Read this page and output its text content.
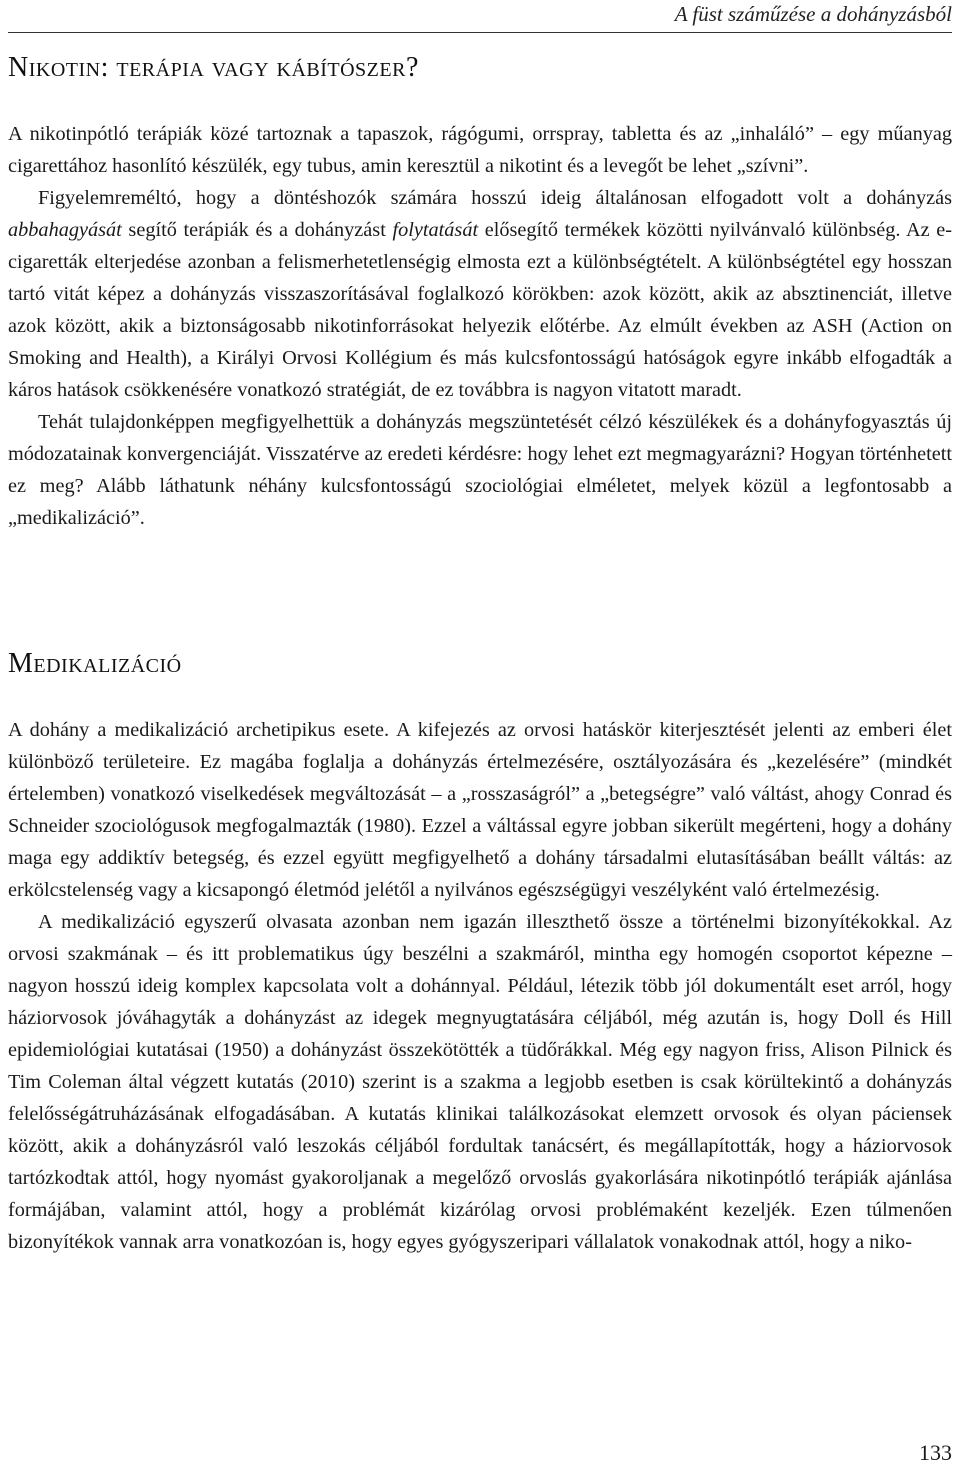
A füst száműzése a dohányzásból
Nikotin: terápia vagy kábítószer?

A nikotinpótló terápiák közé tartoznak a tapaszok, rágógumi, orrspray, tabletta és az „inhaláló” – egy műanyag cigarettához hasonlító készülék, egy tubus, amin keresztül a nikotint és a levegőt be lehet „szívni”.

Figyelemreméltó, hogy a döntéshozók számára hosszú ideig általánosan elfogadott volt a dohányzás abbahagyását segítő terápiák és a dohányzást folytatását elősegítő termékek közötti nyilvánvaló különbség. Az e-cigaretták elterjedése azonban a felismerhetetlenségig elmosta ezt a különbségtételt. A különbségtétel egy hosszan tartó vitát képez a dohányzás visszaszorításával foglalkozó körökben: azok között, akik az absztinenciát, illetve azok között, akik a biztonságosabb nikotinforrásokat helyezik előtérbe. Az elmúlt években az ASH (Action on Smoking and Health), a Királyi Orvosi Kollégium és más kulcsfontosságú hatóságok egyre inkább elfogadták a káros hatások csökkenésére vonatkozó stratégiát, de ez továbbra is nagyon vitatott maradt.

Tehát tulajdonképpen megfigyelhettük a dohányzás megszüntetését célzó készülékek és a dohányfogyasztás új módozatainak konvergenciáját. Visszatérve az eredeti kérdésre: hogy lehet ezt megmagyarázni? Hogyan történhetett ez meg? Alább láthatunk néhány kulcsfontosságú szociológiai elméletet, melyek közül a legfontosabb a „medikalizáció”.

Medikalizáció

A dohány a medikalizáció archetipikus esete. A kifejezés az orvosi hatáskör kiterjesztését jelenti az emberi élet különböző területeire. Ez magába foglalja a dohányzás értelmezésére, osztályozására és „kezelésére” (mindkét értelemben) vonatkozó viselkedések megváltozását – a „rosszaságról” a „betegségre” való váltást, ahogy Conrad és Schneider szociológusok megfogalmazták (1980). Ezzel a váltással egyre jobban sikerült megérteni, hogy a dohány maga egy addiktív betegség, és ezzel együtt megfigyelhető a dohány társadalmi elutasításában beállt váltás: az erkölcstelenség vagy a kicsapongó életmód jelétől a nyilvános egészségügyi veszélyként való értelmezésig.

A medikalizáció egyszerű olvasata azonban nem igazán illeszthető össze a történelmi bizonyítékokkal. Az orvosi szakmának – és itt problematikus úgy beszélni a szakmáról, mintha egy homogén csoportot képezne – nagyon hosszú ideig komplex kapcsolata volt a dohánnyal. Például, létezik több jól dokumentált eset arról, hogy háziorvosok jóváhagyták a dohányzást az idegek megnyugtatására céljából, még azután is, hogy Doll és Hill epidemiológiai kutatásai (1950) a dohányzást összekötötték a tüdőrákkal. Még egy nagyon friss, Alison Pilnick és Tim Coleman által végzett kutatás (2010) szerint is a szakma a legjobb esetben is csak körültekintő a dohányzás felelősségátruházásának elfogadásában. A kutatás klinikai találkozásokat elemzett orvosok és olyan páciensek között, akik a dohányzásról való leszokás céljából fordultak tanácsért, és megállapították, hogy a háziorvosok tartózkodtak attól, hogy nyomást gyakoroljanak a megelőző orvoslás gyakorlására nikotinpótló terápiák ajánlása formájában, valamint attól, hogy a problémát kizárólag orvosi problémaként kezeljék. Ezen túlmenően bizonyítékok vannak arra vonatkozóan is, hogy egyes gyógyszeripari vállalatok vonakodnak attól, hogy a niko-

133
